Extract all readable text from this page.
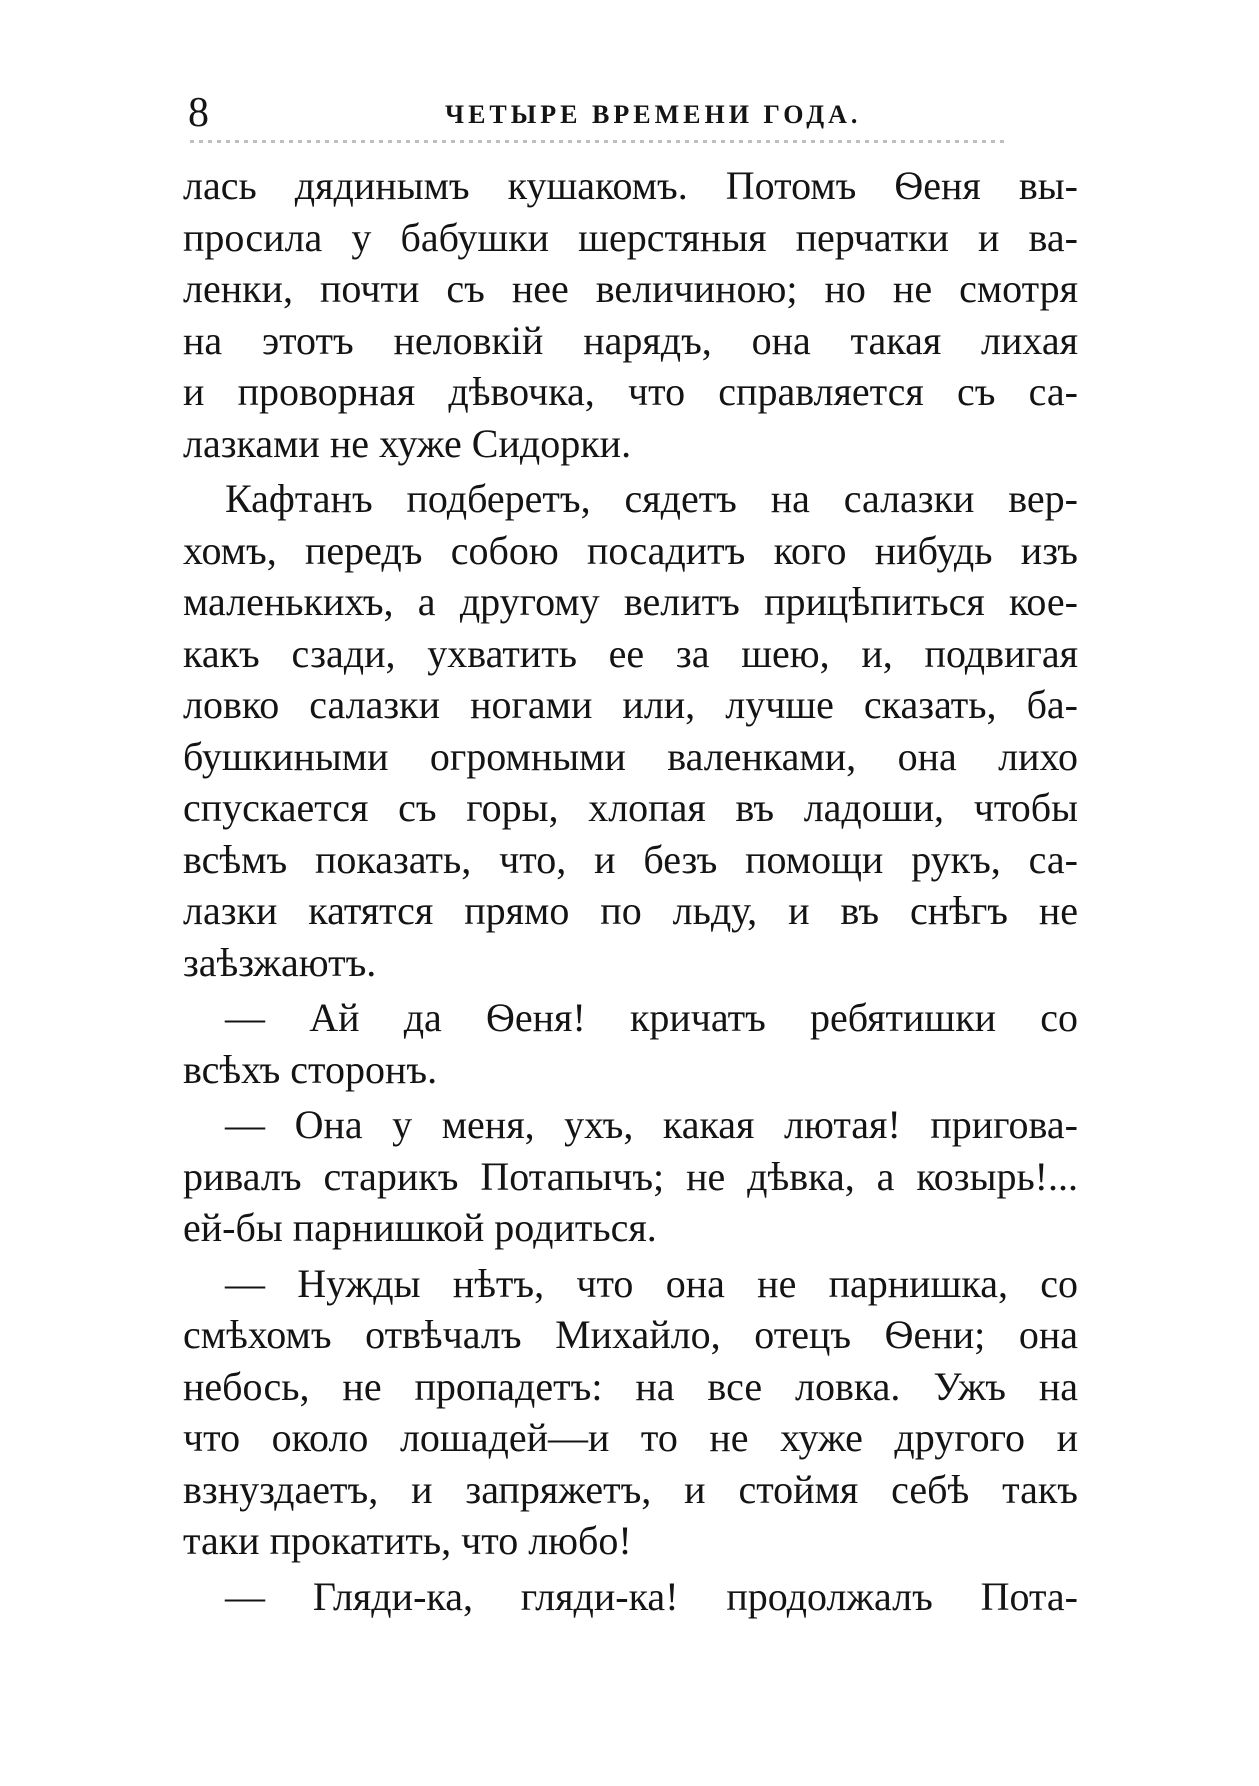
8	ЧЕТЫРЕ ВРЕМЕНИ ГОДА.
лась дядинымъ кушакомъ. Потомъ Ѳеня вы-
просила у бабушки шерстяныя перчатки и ва-
ленки, почти съ нее величиною; но не смотря
на этотъ неловкій нарядъ, она такая лихая
и проворная дѣвочка, что справляется съ са-
лазками не хуже Сидорки.
Кафтанъ подберетъ, сядетъ на салазки вер-
хомъ, передъ собою посадитъ кого нибудь изъ
маленькихъ, а другому велитъ прицѣпиться кое-
какъ сзади, ухватить ее за шею, и, подвигая
ловко салазки ногами или, лучше сказать, ба-
бушкиными огромными валенками, она лихо
спускается съ горы, хлопая въ ладоши, чтобы
всѣмъ показать, что, и безъ помощи рукъ, са-
лазки катятся прямо по льду, и въ снѣгъ не
заѣзжаютъ.
— Ай да Ѳеня! кричатъ ребятишки со
всѣхъ сторонъ.
— Она у меня, ухъ, какая лютая! пригова-
ривалъ старикъ Потапычъ; не дѣвка, а козырь!...
ей-бы парнишкой родиться.
— Нужды нѣтъ, что она не парнишка, со
смѣхомъ отвѣчалъ Михайло, отецъ Ѳени; она
небось, не пропадетъ: на все ловка. Ужъ на
что около лошадей—и то не хуже другого и
взнуздаетъ, и запряжетъ, и стоймя себѣ такъ
таки прокатить, что любо!
— Гляди-ка, гляди-ка! продолжалъ Пота-
